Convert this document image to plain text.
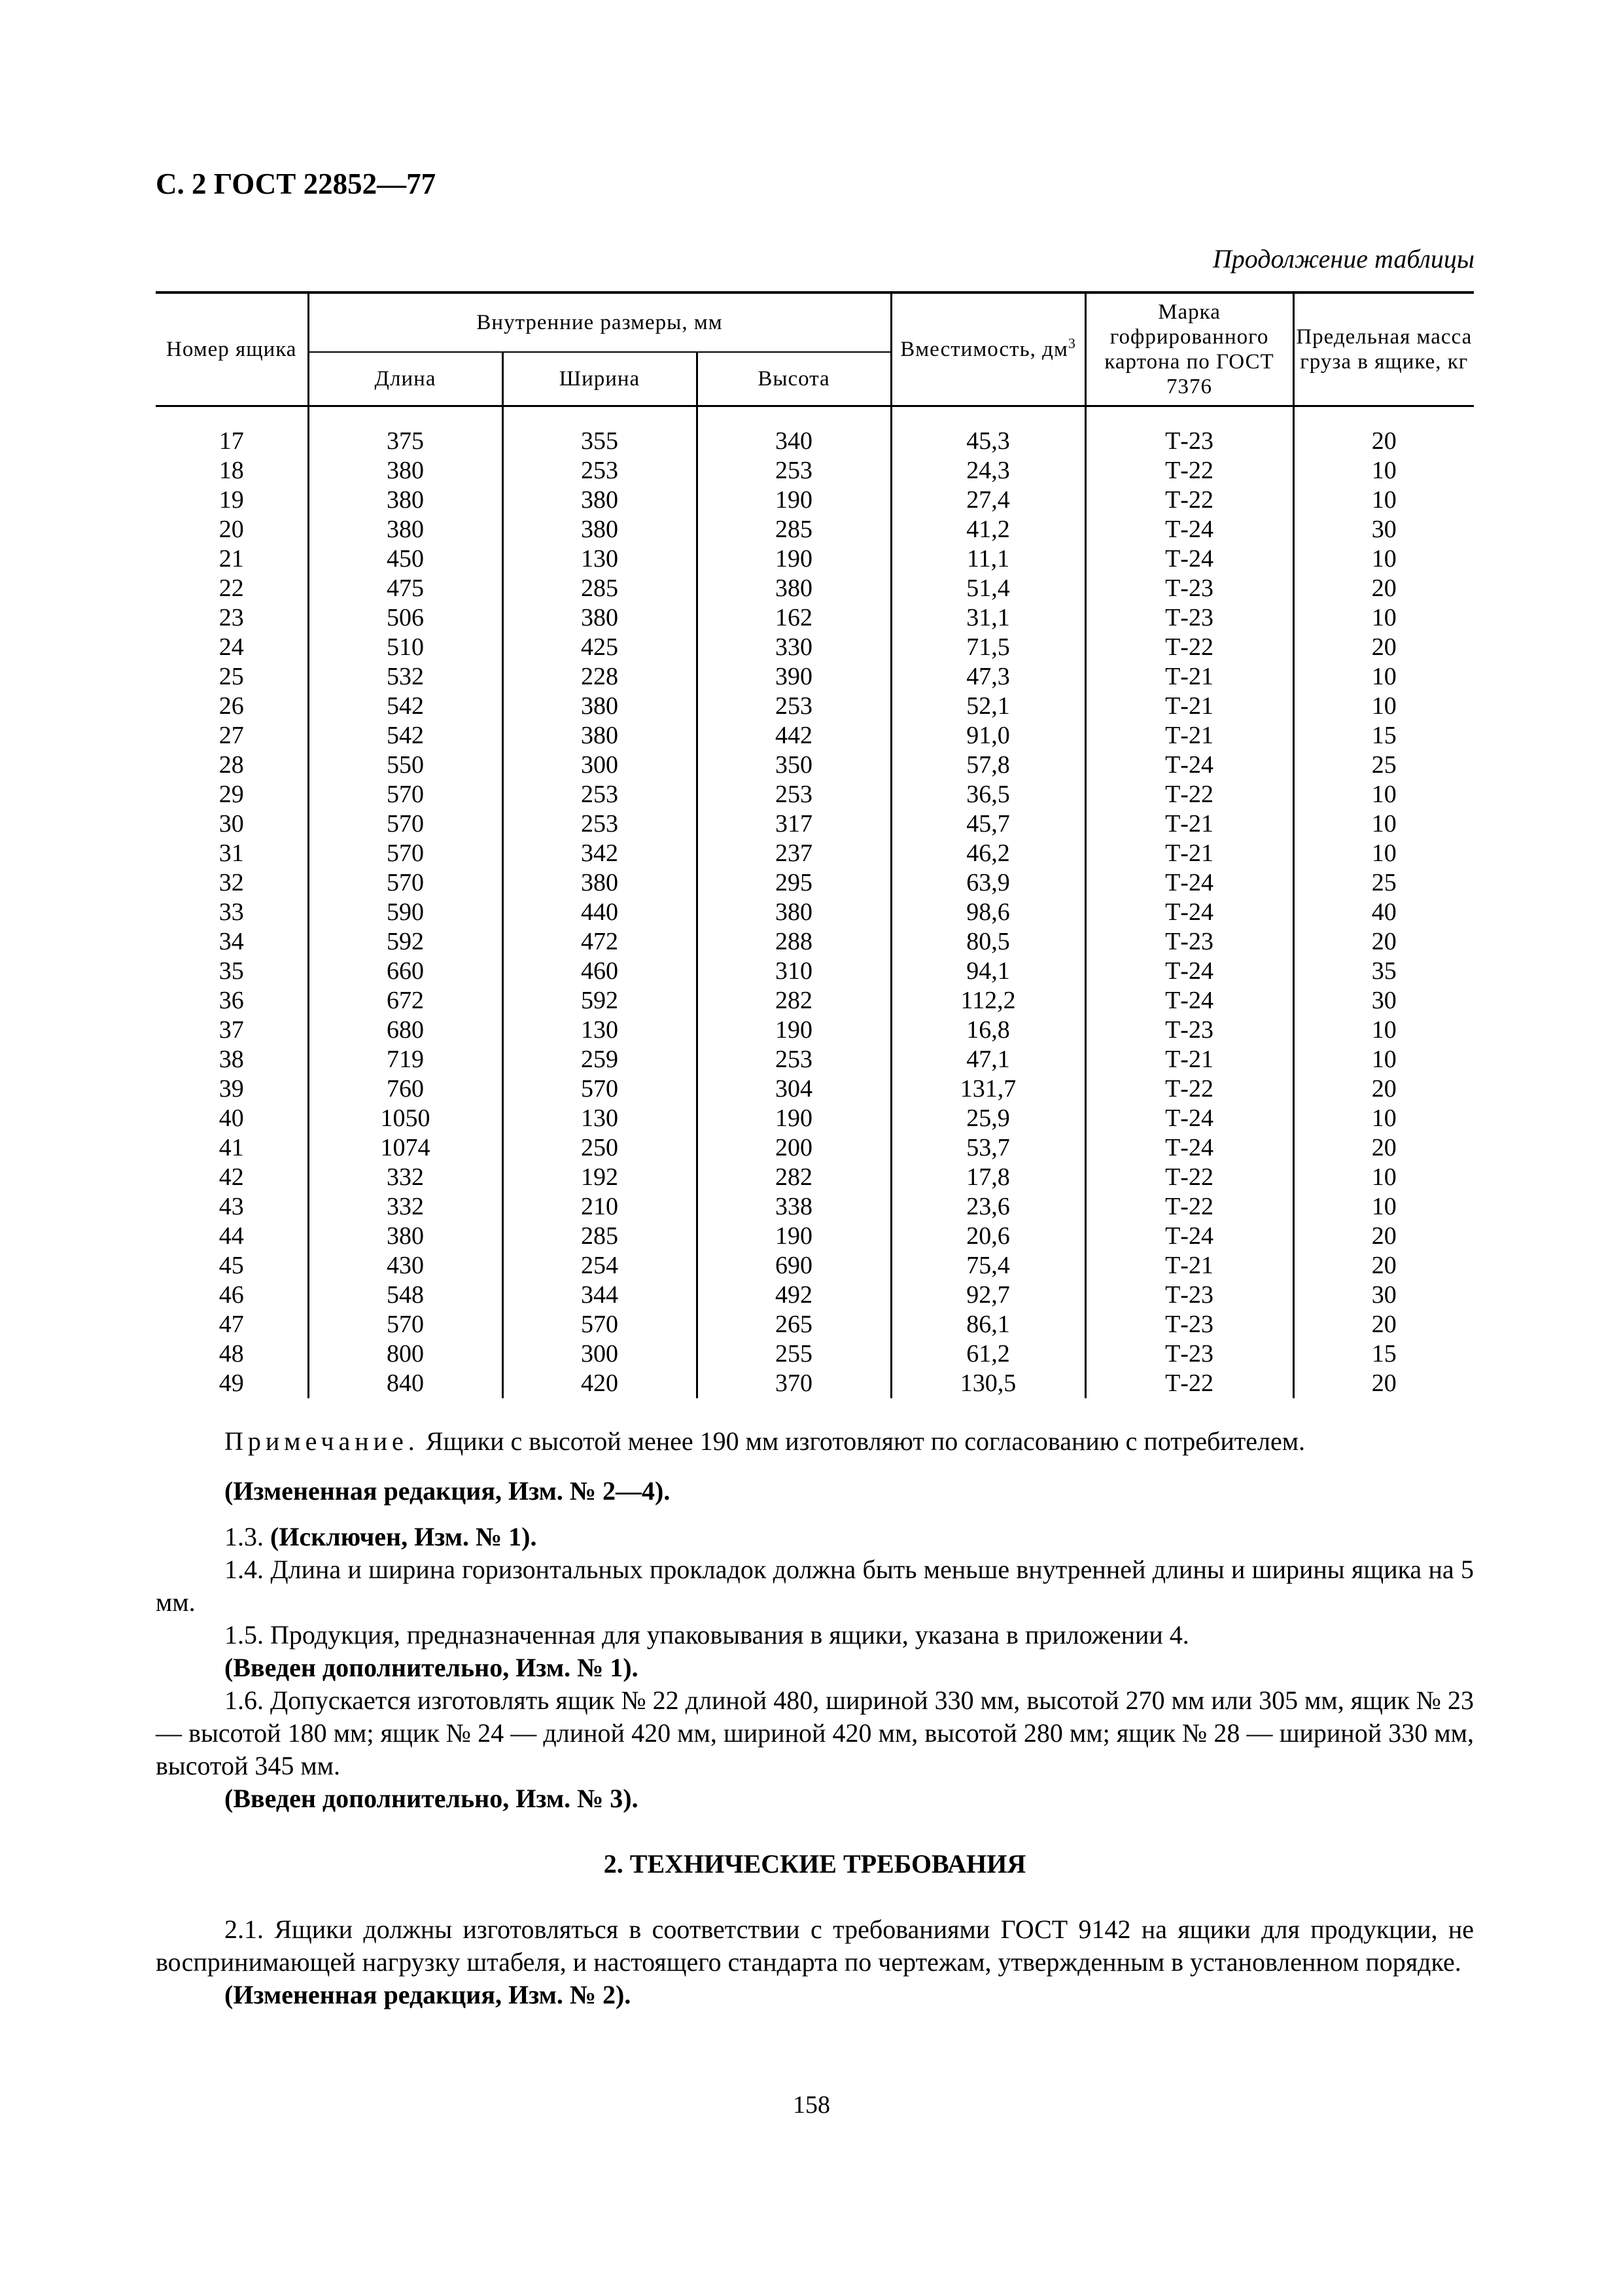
С. 2 ГОСТ 22852—77
Продолжение таблицы
Номер ящика	Внутренние размеры, мм			Вместимость, $дм^3$	Марка гофрированного картона по ГОСТ 7376	Предельная масса груза в ящике, кг
	Длина	Ширина	Высота			

17	375	355	340	45,3	Т-23	20
18	380	253	253	24,3	Т-22	10
19	380	380	190	27,4	Т-22	10
20	380	380	285	41,2	Т-24	30
21	450	130	190	11,1	Т-24	10
22	475	285	380	51,4	Т-23	20
23	506	380	162	31,1	Т-23	10
24	510	425	330	71,5	Т-22	20
25	532	228	390	47,3	Т-21	10
26	542	380	253	52,1	Т-21	10
27	542	380	442	91,0	Т-21	15
28	550	300	350	57,8	Т-24	25
29	570	253	253	36,5	Т-22	10
30	570	253	317	45,7	Т-21	10
31	570	342	237	46,2	Т-21	10
32	570	380	295	63,9	Т-24	25
33	590	440	380	98,6	Т-24	40
34	592	472	288	80,5	Т-23	20
35	660	460	310	94,1	Т-24	35
36	672	592	282	112,2	Т-24	30
37	680	130	190	16,8	Т-23	10
38	719	259	253	47,1	Т-21	10
39	760	570	304	131,7	Т-22	20
40	1050	130	190	25,9	Т-24	10
41	1074	250	200	53,7	Т-24	20
42	332	192	282	17,8	Т-22	10
43	332	210	338	23,6	Т-22	10
44	380	285	190	20,6	Т-24	20
45	430	254	690	75,4	Т-21	20
46	548	344	492	92,7	Т-23	30
47	570	570	265	86,1	Т-23	20
48	800	300	255	61,2	Т-23	15
49	840	420	370	130,5	Т-22	20

Примечание. Ящики с высотой менее 190 мм изготовляют по согласованию с потребителем.

(Измененная редакция, Изм. № 2—4).

1.3. (Исключен, Изм. № 1).

1.4. Длина и ширина горизонтальных прокладок должна быть меньше внутренней длины и ширины ящика на 5 мм.

1.5. Продукция, предназначенная для упаковывания в ящики, указана в приложении 4.

(Введен дополнительно, Изм. № 1).

1.6. Допускается изготовлять ящик № 22 длиной 480, шириной 330 мм, высотой 270 мм или 305 мм, ящик № 23 — высотой 180 мм; ящик № 24 — длиной 420 мм, шириной 420 мм, высотой 280 мм; ящик № 28 — шириной 330 мм, высотой 345 мм.

(Введен дополнительно, Изм. № 3).

2. ТЕХНИЧЕСКИЕ ТРЕБОВАНИЯ

2.1. Ящики должны изготовляться в соответствии с требованиями ГОСТ 9142 на ящики для продукции, не воспринимающей нагрузку штабеля, и настоящего стандарта по чертежам, утвержденным в установленном порядке.

(Измененная редакция, Изм. № 2).

158
